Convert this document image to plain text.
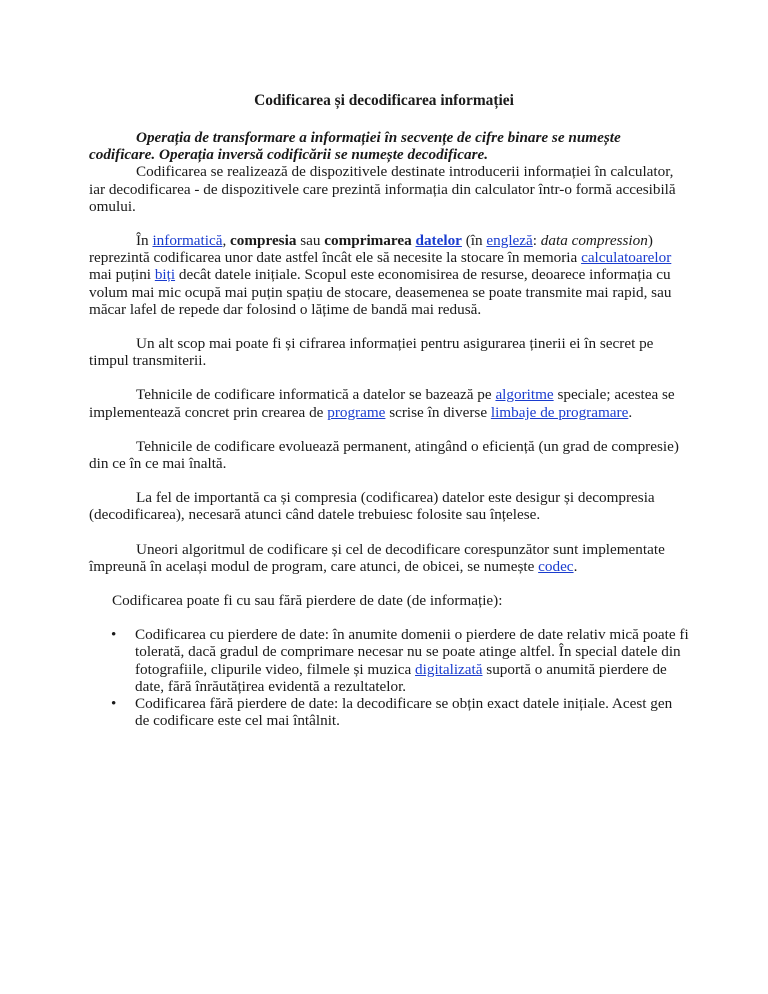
Codificarea și decodificarea informației

Operația de transformare a informației în secvențe de cifre binare se numește codificare. Operația inversă codificării se numește decodificare.

Codificarea se realizează de dispozitivele destinate introducerii informației în calculator, iar decodificarea - de dispozitivele care prezintă informația din calculator într-o formă accesibilă omului.

În informatică, compresia sau comprimarea datelor (în engleză: data compression) reprezintă codificarea unor date astfel încât ele să necesite la stocare în memoria calculatoarelor mai puțini biți decât datele inițiale. Scopul este economisirea de resurse, deoarece informația cu volum mai mic ocupă mai puțin spațiu de stocare, deasemenea se poate transmite mai rapid, sau măcar lafel de repede dar folosind o lățime de bandă mai redusă.

Un alt scop mai poate fi și cifrarea informației pentru asigurarea ținerii ei în secret pe timpul transmiterii.

Tehnicile de codificare informatică a datelor se bazează pe algoritme speciale; acestea se implementează concret prin crearea de programe scrise în diverse limbaje de programare.

Tehnicile de codificare evoluează permanent, atingând o eficiență (un grad de compresie) din ce în ce mai înaltă.

La fel de importantă ca și compresia (codificarea) datelor este desigur și decompresia (decodificarea), necesară atunci când datele trebuiesc folosite sau înțelese.

Uneori algoritmul de codificare și cel de decodificare corespunzător sunt implementate împreună în același modul de program, care atunci, de obicei, se numește codec.

Codificarea poate fi cu sau fără pierdere de date (de informație):

• Codificarea cu pierdere de date: în anumite domenii o pierdere de date relativ mică poate fi tolerată, dacă gradul de comprimare necesar nu se poate atinge altfel. În special datele din fotografiile, clipurile video, filmele și muzica digitalizată suportă o anumită pierdere de date, fără înrăutățirea evidentă a rezultatelor.
• Codificarea fără pierdere de date: la decodificare se obțin exact datele inițiale. Acest gen de codificare este cel mai întâlnit.
